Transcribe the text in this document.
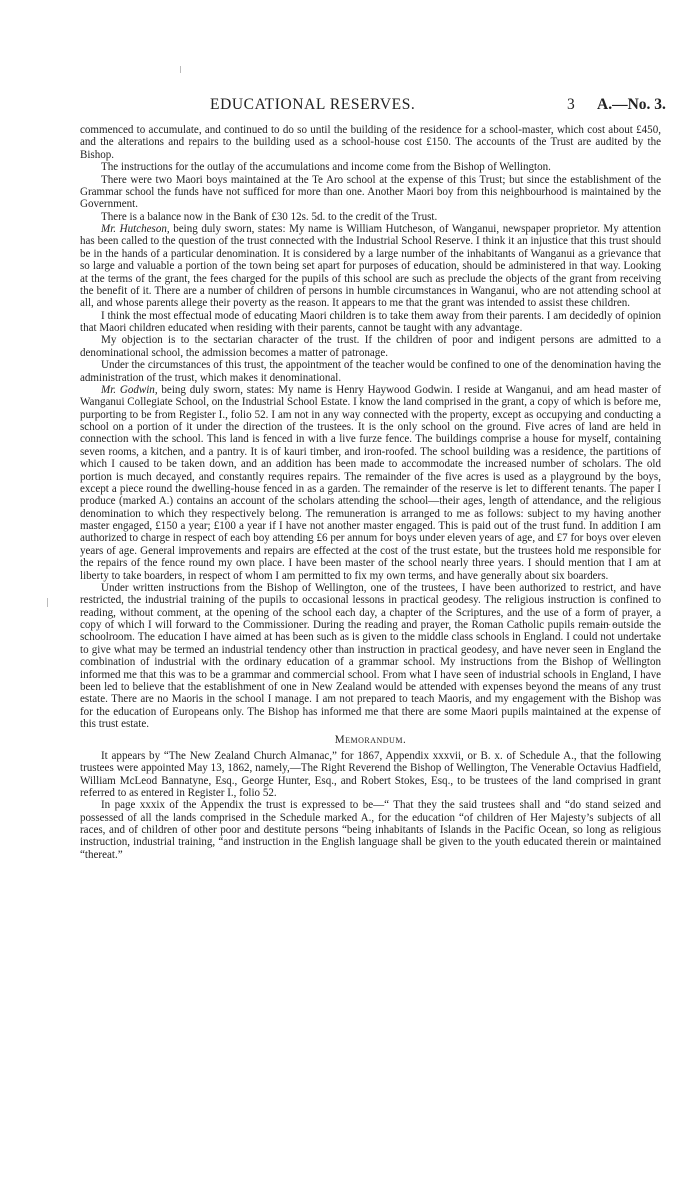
EDUCATIONAL RESERVES.	3 A.—No. 3.

commenced to accumulate, and continued to do so until the building of the residence for a school-master, which cost about £450, and the alterations and repairs to the building used as a school-house cost £150. The accounts of the Trust are audited by the Bishop.

The instructions for the outlay of the accumulations and income come from the Bishop of Wellington.

There were two Maori boys maintained at the Te Aro school at the expense of this Trust; but since the establishment of the Grammar school the funds have not sufficed for more than one. Another Maori boy from this neighbourhood is maintained by the Government.

There is a balance now in the Bank of £30 12s. 5d. to the credit of the Trust.

Mr. Hutcheson, being duly sworn, states: My name is William Hutcheson, of Wanganui, newspaper proprietor. My attention has been called to the question of the trust connected with the Industrial School Reserve. I think it an injustice that this trust should be in the hands of a particular denomination. It is considered by a large number of the inhabitants of Wanganui as a grievance that so large and valuable a portion of the town being set apart for purposes of education, should be administered in that way. Looking at the terms of the grant, the fees charged for the pupils of this school are such as preclude the objects of the grant from receiving the benefit of it. There are a number of children of persons in humble circumstances in Wanganui, who are not attending school at all, and whose parents allege their poverty as the reason. It appears to me that the grant was intended to assist these children.

I think the most effectual mode of educating Maori children is to take them away from their parents. I am decidedly of opinion that Maori children educated when residing with their parents, cannot be taught with any advantage.

My objection is to the sectarian character of the trust. If the children of poor and indigent persons are admitted to a denominational school, the admission becomes a matter of patronage.

Under the circumstances of this trust, the appointment of the teacher would be confined to one of the denomination having the administration of the trust, which makes it denominational.

Mr. Godwin, being duly sworn, states: My name is Henry Haywood Godwin. I reside at Wanganui, and am head master of Wanganui Collegiate School, on the Industrial School Estate. I know the land comprised in the grant, a copy of which is before me, purporting to be from Register I., folio 52. I am not in any way connected with the property, except as occupying and conducting a school on a portion of it under the direction of the trustees. It is the only school on the ground. Five acres of land are held in connection with the school. This land is fenced in with a live furze fence. The buildings comprise a house for myself, containing seven rooms, a kitchen, and a pantry. It is of kauri timber, and iron-roofed. The school building was a residence, the partitions of which I caused to be taken down, and an addition has been made to accommodate the increased number of scholars. The old portion is much decayed, and constantly requires repairs. The remainder of the five acres is used as a playground by the boys, except a piece round the dwelling-house fenced in as a garden. The remainder of the reserve is let to different tenants. The paper I produce (marked A.) contains an account of the scholars attending the school—their ages, length of attendance, and the religious denomination to which they respectively belong. The remuneration is arranged to me as follows: subject to my having another master engaged, £150 a year; £100 a year if I have not another master engaged. This is paid out of the trust fund. In addition I am authorized to charge in respect of each boy attending £6 per annum for boys under eleven years of age, and £7 for boys over eleven years of age. General improvements and repairs are effected at the cost of the trust estate, but the trustees hold me responsible for the repairs of the fence round my own place. I have been master of the school nearly three years. I should mention that I am at liberty to take boarders, in respect of whom I am permitted to fix my own terms, and have generally about six boarders.

Under written instructions from the Bishop of Wellington, one of the trustees, I have been authorized to restrict, and have restricted, the industrial training of the pupils to occasional lessons in practical geodesy. The religious instruction is confined to reading, without comment, at the opening of the school each day, a chapter of the Scriptures, and the use of a form of prayer, a copy of which I will forward to the Commissioner. During the reading and prayer, the Roman Catholic pupils remain outside the schoolroom. The education I have aimed at has been such as is given to the middle class schools in England. I could not undertake to give what may be termed an industrial tendency other than instruction in practical geodesy, and have never seen in England the combination of industrial with the ordinary education of a grammar school. My instructions from the Bishop of Wellington informed me that this was to be a grammar and commercial school. From what I have seen of industrial schools in England, I have been led to believe that the establishment of one in New Zealand would be attended with expenses beyond the means of any trust estate. There are no Maoris in the school I manage. I am not prepared to teach Maoris, and my engagement with the Bishop was for the education of Europeans only. The Bishop has informed me that there are some Maori pupils maintained at the expense of this trust estate.

Memorandum.

It appears by “The New Zealand Church Almanac,” for 1867, Appendix xxxvii, or B. x. of Schedule A., that the following trustees were appointed May 13, 1862, namely,—The Right Reverend the Bishop of Wellington, The Venerable Octavius Hadfield, William McLeod Bannatyne, Esq., George Hunter, Esq., and Robert Stokes, Esq., to be trustees of the land comprised in grant referred to as entered in Register I., folio 52.

In page xxxix of the Appendix the trust is expressed to be—“ That they the said trustees shall and “do stand seized and possessed of all the lands comprised in the Schedule marked A., for the education “of children of Her Majesty’s subjects of all races, and of children of other poor and destitute persons “being inhabitants of Islands in the Pacific Ocean, so long as religious instruction, industrial training, “and instruction in the English language shall be given to the youth educated therein or maintained “thereat.”
